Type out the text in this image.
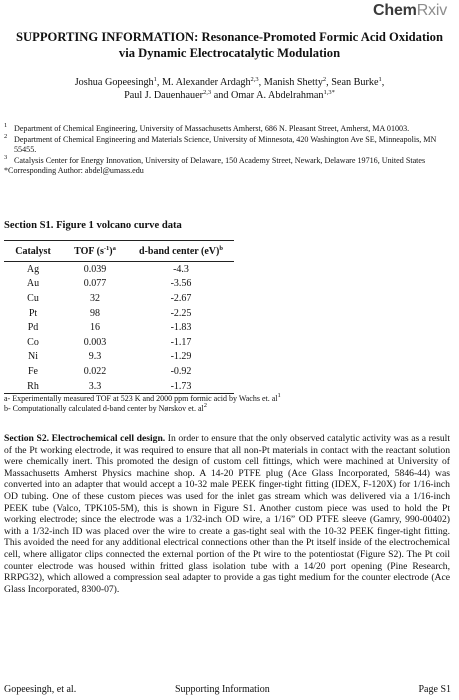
ChemRxiv
SUPPORTING INFORMATION: Resonance-Promoted Formic Acid Oxidation via Dynamic Electrocatalytic Modulation
Joshua Gopeesingh$^1$, M. Alexander Ardagh$^{2,3}$, Manish Shetty$^2$, Sean Burke$^1$,
Paul J. Dauenhauer$^{2,3}$ and Omar A. Abdelrahman$^{1,3*}$
$^1$ Department of Chemical Engineering, University of Massachusetts Amherst, 686 N. Pleasant Street, Amherst, MA 01003.
$^2$ Department of Chemical Engineering and Materials Science, University of Minnesota, 420 Washington Ave SE, Minneapolis, MN 55455.
$^3$ Catalysis Center for Energy Innovation, University of Delaware, 150 Academy Street, Newark, Delaware 19716, United States
*Corresponding Author: abdel@umass.edu
Section S1. Figure 1 volcano curve data
Catalyst	TOF $(s^{-1})^a$	d-band center (eV)$^b$
Ag	0.039	-4.3
Au	0.077	-3.56
Cu	32	-2.67
Pt	98	-2.25
Pd	16	-1.83
Co	0.003	-1.17
Ni	9.3	-1.29
Fe	0.022	-0.92
Rh	3.3	-1.73
a- Experimentally measured TOF at 523 K and 2000 ppm formic acid by Wachs et. $al^1$
b- Computationally calculated d-band center by Nørskov et. $al^2$
Section S2. Electrochemical cell design. In order to ensure that the only observed catalytic activity was as a result of the Pt working electrode, it was required to ensure that all non-Pt materials in contact with the reactant solution were chemically inert. This promoted the design of custom cell fittings, which were machined at University of Massachusetts Amherst Physics machine shop. A 14-20 PTFE plug (Ace Glass Incorporated, 5846-44) was converted into an adapter that would accept a 10-32 male PEEK finger-tight fitting (IDEX, F-120X) for 1/16-inch OD tubing. One of these custom pieces was used for the inlet gas stream which was delivered via a 1/16-inch PEEK tube (Valco, TPK105-5M), this is shown in Figure S1. Another custom piece was used to hold the Pt working electrode; since the electrode was a 1/32-inch OD wire, a 1/16” OD PTFE sleeve (Gamry, 990-00402) with a 1/32-inch ID was placed over the wire to create a gas-tight seal with the 10-32 PEEK finger-tight fitting. This avoided the need for any additional electrical connections other than the Pt itself inside of the electrochemical cell, where alligator clips connected the external portion of the Pt wire to the potentiostat (Figure S2). The Pt coil counter electrode was housed within fritted glass isolation tube with a 14/20 port opening (Pine Research, RRPG32), which allowed a compression seal adapter to provide a gas tight medium for the counter electrode (Ace Glass Incorporated, 8300-07).
Gopeesingh, et al.	Supporting Information	Page S1
